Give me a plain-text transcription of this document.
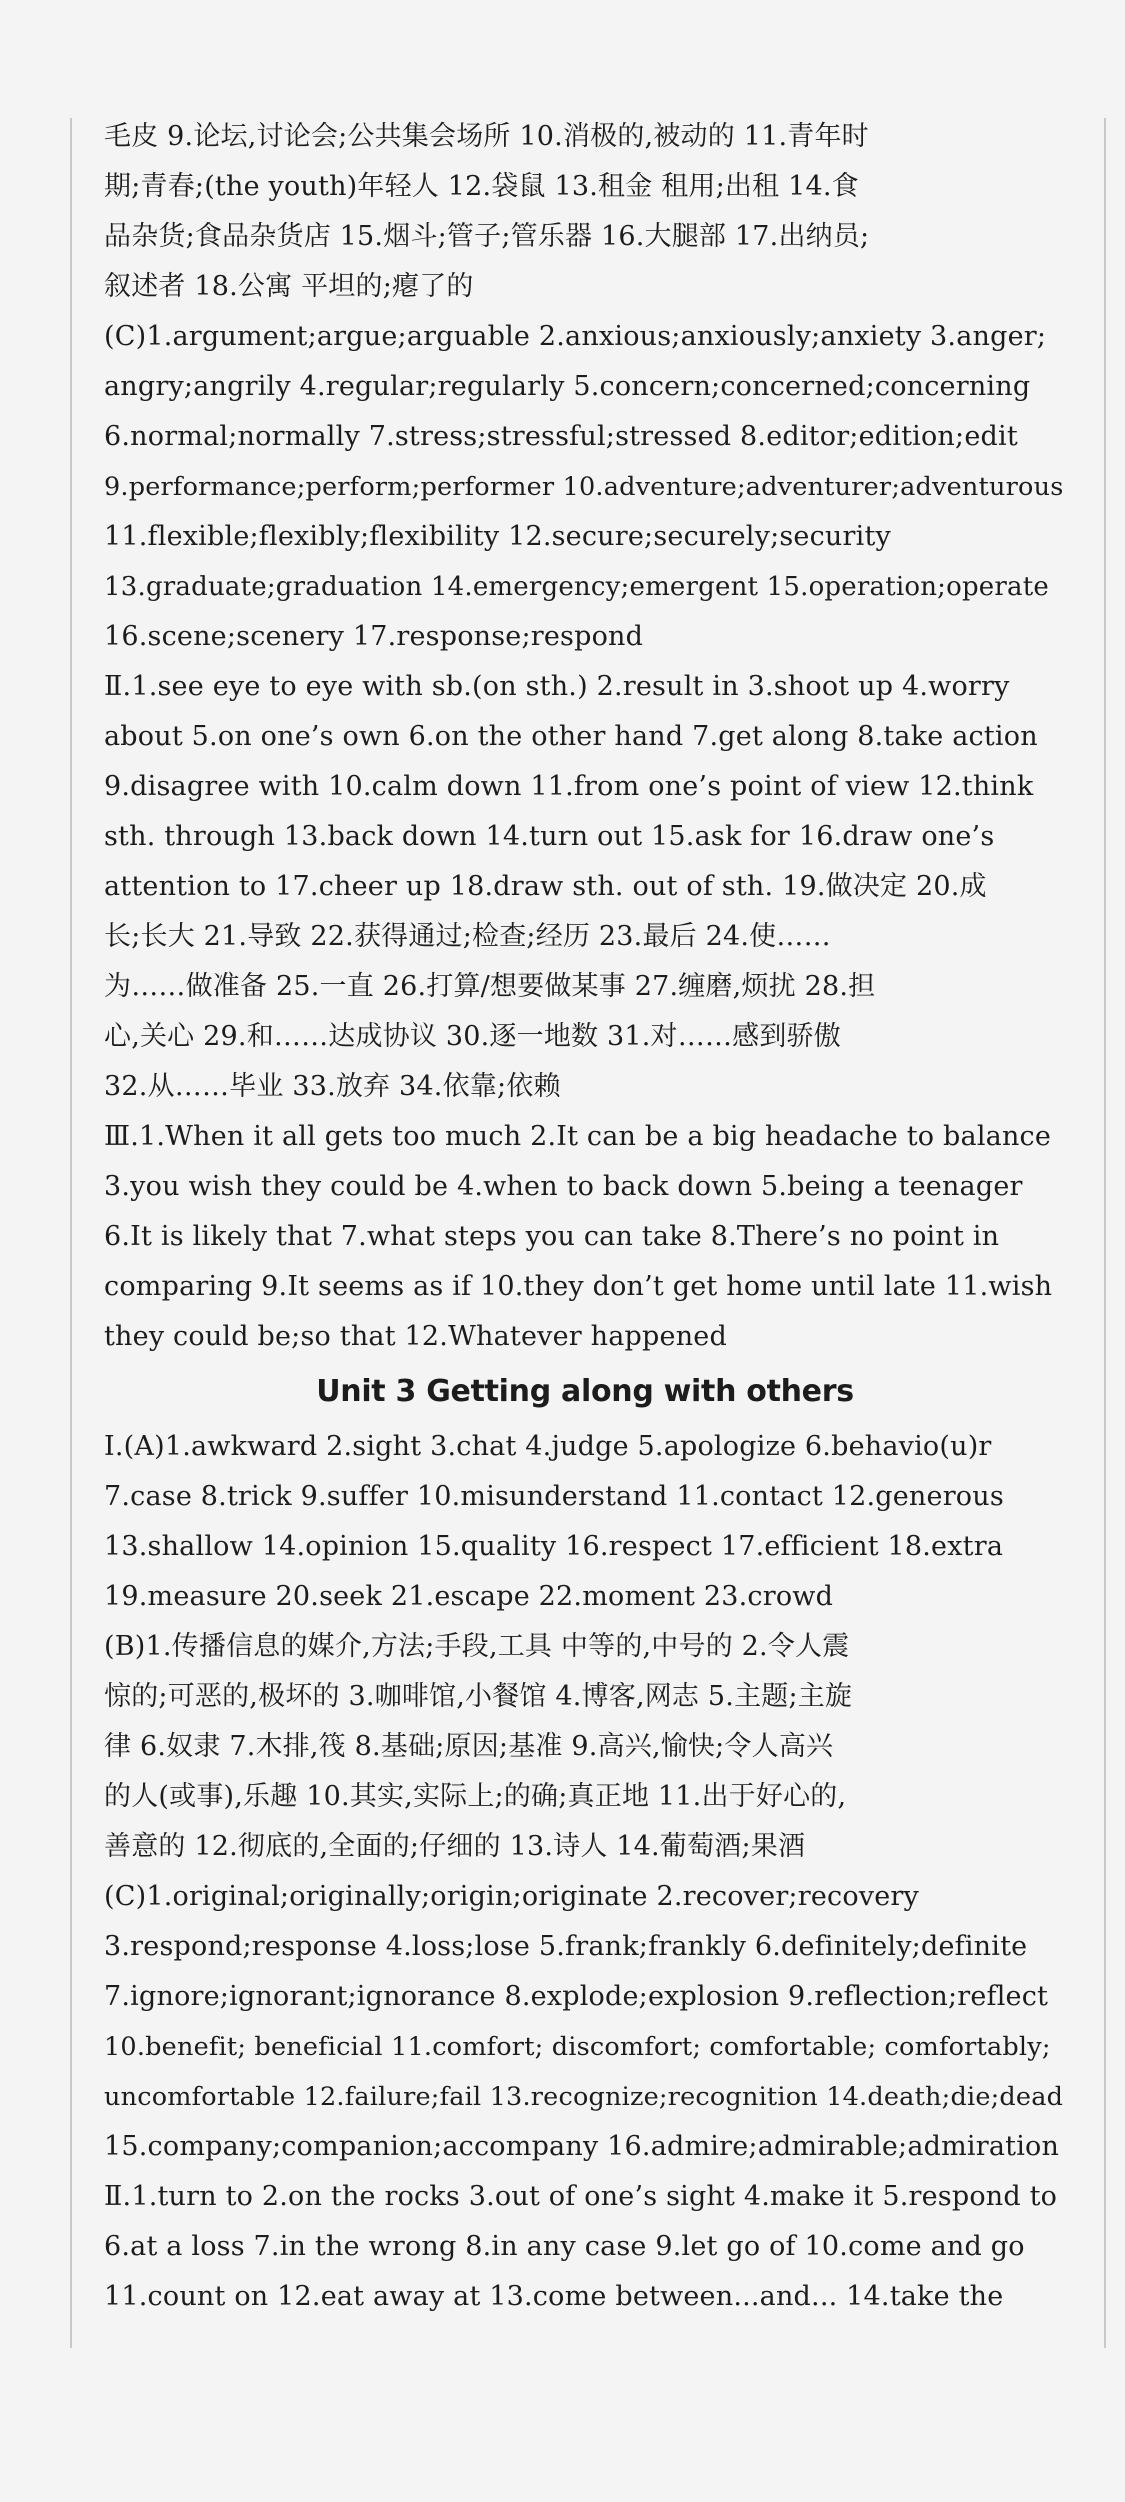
毛皮 9.论坛,讨论会;公共集会场所 10.消极的,被动的 11.青年时
期;青春;(the youth)年轻人 12.袋鼠 13.租金 租用;出租 14.食
品杂货;食品杂货店 15.烟斗;管子;管乐器 16.大腿部 17.出纳员;
叙述者 18.公寓 平坦的;瘪了的
(C)1.argument;argue;arguable 2.anxious;anxiously;anxiety 3.anger;
angry;angrily 4.regular;regularly 5.concern;concerned;concerning
6.normal;normally 7.stress;stressful;stressed 8.editor;edition;edit
9.performance;perform;performer 10.adventure;adventurer;adventurous
11.flexible;flexibly;flexibility 12.secure;securely;security
13.graduate;graduation 14.emergency;emergent 15.operation;operate
16.scene;scenery 17.response;respond
Ⅱ.1.see eye to eye with sb.(on sth.) 2.result in 3.shoot up 4.worry
about 5.on one’s own 6.on the other hand 7.get along 8.take action
9.disagree with 10.calm down 11.from one’s point of view 12.think
sth. through 13.back down 14.turn out 15.ask for 16.draw one’s
attention to 17.cheer up 18.draw sth. out of sth. 19.做决定 20.成
长;长大 21.导致 22.获得通过;检查;经历 23.最后 24.使……
为……做准备 25.一直 26.打算/想要做某事 27.缠磨,烦扰 28.担
心,关心 29.和……达成协议 30.逐一地数 31.对……感到骄傲
32.从……毕业 33.放弃 34.依靠;依赖
Ⅲ.1.When it all gets too much 2.It can be a big headache to balance
3.you wish they could be 4.when to back down 5.being a teenager
6.It is likely that 7.what steps you can take 8.There’s no point in
comparing 9.It seems as if 10.they don’t get home until late 11.wish
they could be;so that 12.Whatever happened
Unit 3 Getting along with others
Ⅰ.(A)1.awkward 2.sight 3.chat 4.judge 5.apologize 6.behavio(u)r
7.case 8.trick 9.suffer 10.misunderstand 11.contact 12.generous
13.shallow 14.opinion 15.quality 16.respect 17.efficient 18.extra
19.measure 20.seek 21.escape 22.moment 23.crowd
(B)1.传播信息的媒介,方法;手段,工具 中等的,中号的 2.令人震
惊的;可恶的,极坏的 3.咖啡馆,小餐馆 4.博客,网志 5.主题;主旋
律 6.奴隶 7.木排,筏 8.基础;原因;基准 9.高兴,愉快;令人高兴
的人(或事),乐趣 10.其实,实际上;的确;真正地 11.出于好心的,
善意的 12.彻底的,全面的;仔细的 13.诗人 14.葡萄酒;果酒
(C)1.original;originally;origin;originate 2.recover;recovery
3.respond;response 4.loss;lose 5.frank;frankly 6.definitely;definite
7.ignore;ignorant;ignorance 8.explode;explosion 9.reflection;reflect
10.benefit; beneficial 11.comfort; discomfort; comfortable; comfortably;
uncomfortable 12.failure;fail 13.recognize;recognition 14.death;die;dead
15.company;companion;accompany 16.admire;admirable;admiration
Ⅱ.1.turn to 2.on the rocks 3.out of one’s sight 4.make it 5.respond to
6.at a loss 7.in the wrong 8.in any case 9.let go of 10.come and go
11.count on 12.eat away at 13.come between...and... 14.take the
